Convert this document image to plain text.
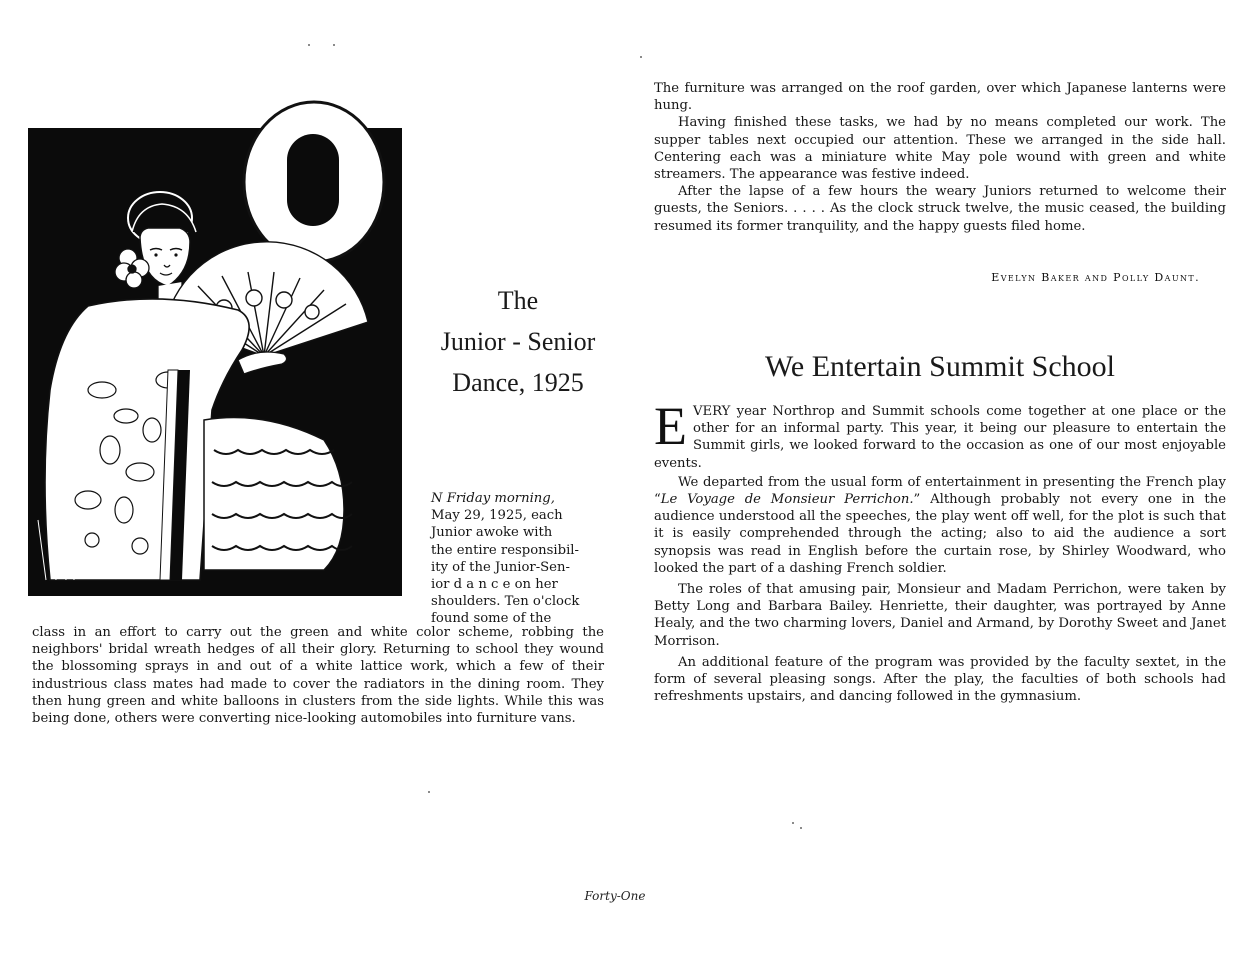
The
Junior - Senior
Dance, 1925
N Friday morning,
May 29, 1925, each
Junior awoke with
the entire responsibil-
ity of the Junior-Sen-
ior d a n c e on her
shoulders. Ten o'clock
found some of the

class in an effort to carry out the green and white color scheme, robbing the neighbors' bridal wreath hedges of all their glory. Returning to school they wound the blossoming sprays in and out of a white lattice work, which a few of their industrious class mates had made to cover the radiators in the dining room. They then hung green and white balloons in clusters from the side lights. While this was being done, others were converting nice-looking automobiles into furniture vans.

The furniture was arranged on the roof garden, over which Japanese lanterns were hung.

Having finished these tasks, we had by no means completed our work. The supper tables next occupied our attention. These we arranged in the side hall. Centering each was a miniature white May pole wound with green and white streamers. The appearance was festive indeed.

After the lapse of a few hours the weary Juniors returned to welcome their guests, the Seniors. . . . . As the clock struck twelve, the music ceased, the building resumed its former tranquility, and the happy guests filed home.

Evelyn Baker and Polly Daunt.
We Entertain Summit School

EVERY year Northrop and Summit schools come together at one place or the other for an informal party. This year, it being our pleasure to entertain the Summit girls, we looked forward to the occasion as one of our most enjoyable events.

We departed from the usual form of entertainment in presenting the French play “Le Voyage de Monsieur Perrichon.” Although probably not every one in the audience understood all the speeches, the play went off well, for the plot is such that it is easily comprehended through the acting; also to aid the audience a sort synopsis was read in English before the curtain rose, by Shirley Woodward, who looked the part of a dashing French soldier.

The roles of that amusing pair, Monsieur and Madam Perrichon, were taken by Betty Long and Barbara Bailey. Henriette, their daughter, was portrayed by Anne Healy, and the two charming lovers, Daniel and Armand, by Dorothy Sweet and Janet Morrison.

An additional feature of the program was provided by the faculty sextet, in the form of several pleasing songs. After the play, the faculties of both schools had refreshments upstairs, and dancing followed in the gymnasium.

Forty-One
